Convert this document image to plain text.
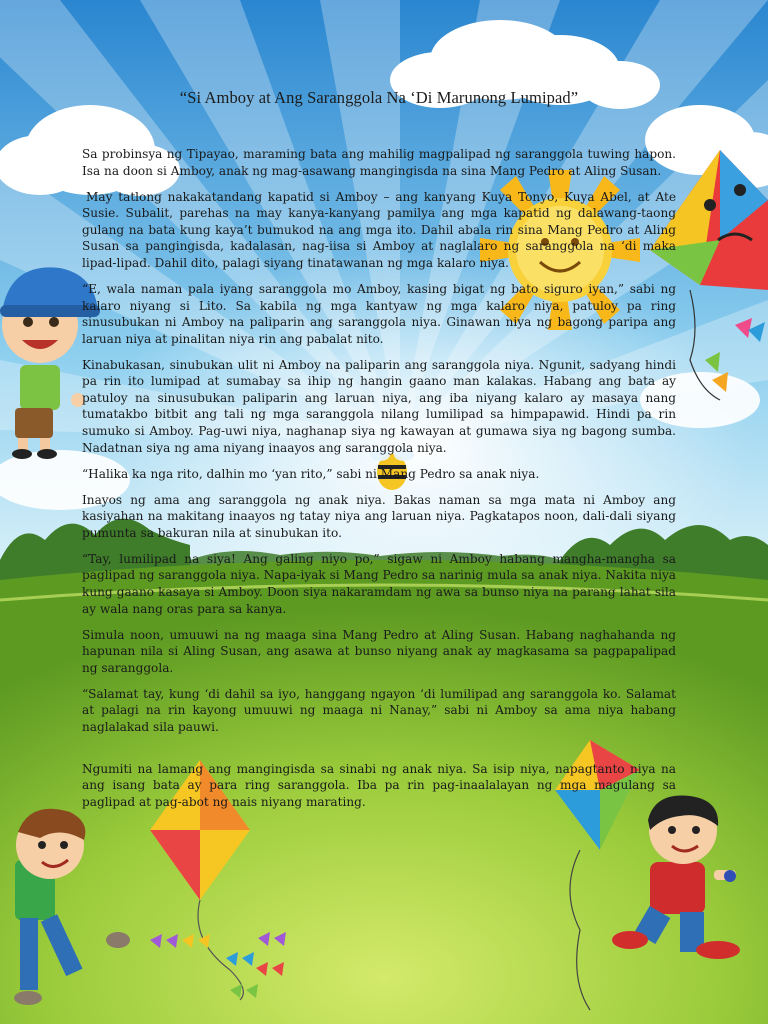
“Si Amboy at Ang Saranggola Na ‘Di Marunong Lumipad”

Sa probinsya ng Tipayao, maraming bata ang mahilig magpalipad ng saranggola tuwing hapon. Isa na doon si Amboy, anak ng mag-asawang mangingisda na sina Mang Pedro at Aling Susan.

May tatlong nakakatandang kapatid si Amboy – ang kanyang Kuya Tonyo, Kuya Abel, at Ate Susie. Subalit, parehas na may kanya-kanyang pamilya ang mga kapatid ng dalawang-taong gulang na bata kung kaya’t bumukod na ang mga ito. Dahil abala rin sina Mang Pedro at Aling Susan sa pangingisda, kadalasan, nag-iisa si Amboy at naglalaro ng saranggola na ‘di maka lipad-lipad. Dahil dito, palagi siyang tinatawanan ng mga kalaro niya.

“E, wala naman pala iyang saranggola mo Amboy, kasing bigat ng bato siguro iyan,” sabi ng kalaro niyang si Lito. Sa kabila ng mga kantyaw ng mga kalaro niya, patuloy pa ring sinusubukan ni Amboy na paliparin ang saranggola niya. Ginawan niya ng bagong paripa ang laruan niya at pinalitan niya rin ang pabalat nito.

Kinabukasan, sinubukan ulit ni Amboy na paliparin ang saranggola niya. Ngunit, sadyang hindi pa rin ito lumipad at sumabay sa ihip ng hangin gaano man kalakas. Habang ang bata ay patuloy na sinusubukan paliparin ang laruan niya, ang iba niyang kalaro ay masaya nang tumatakbo bitbit ang tali ng mga saranggola nilang lumilipad sa himpapawid. Hindi pa rin sumuko si Amboy. Pag-uwi niya, naghanap siya ng kawayan at gumawa siya ng bagong sumba. Nadatnan siya ng ama niyang inaayos ang saranggola niya.

“Halika ka nga rito, dalhin mo ‘yan rito,” sabi ni Mang Pedro sa anak niya.

Inayos ng ama ang saranggola ng anak niya. Bakas naman sa mga mata ni Amboy ang kasiyahan na makitang inaayos ng tatay niya ang laruan niya. Pagkatapos noon, dali-dali siyang pumunta sa bakuran nila at sinubukan ito.

“Tay, lumilipad na siya! Ang galing niyo po,” sigaw ni Amboy habang mangha-mangha sa paglipad ng saranggola niya. Napa-iyak si Mang Pedro sa narinig mula sa anak niya. Nakita niya kung gaano kasaya si Amboy. Doon siya nakaramdam ng awa sa bunso niya na parang lahat sila ay wala nang oras para sa kanya.

Simula noon, umuuwi na ng maaga sina Mang Pedro at Aling Susan. Habang naghahanda ng hapunan nila si Aling Susan, ang asawa at bunso niyang anak ay magkasama sa pagpapalipad ng saranggola.

“Salamat tay, kung ‘di dahil sa iyo, hanggang ngayon ‘di lumilipad ang saranggola ko. Salamat at palagi na rin kayong umuuwi ng maaga ni Nanay,” sabi ni Amboy sa ama niya habang naglalakad sila pauwi.

Ngumiti na lamang ang mangingisda sa sinabi ng anak niya. Sa isip niya, napagtanto niya na ang isang bata ay para ring saranggola. Iba pa rin pag-inaalalayan ng mga magulang sa paglipad at pag-abot ng nais niyang marating.
